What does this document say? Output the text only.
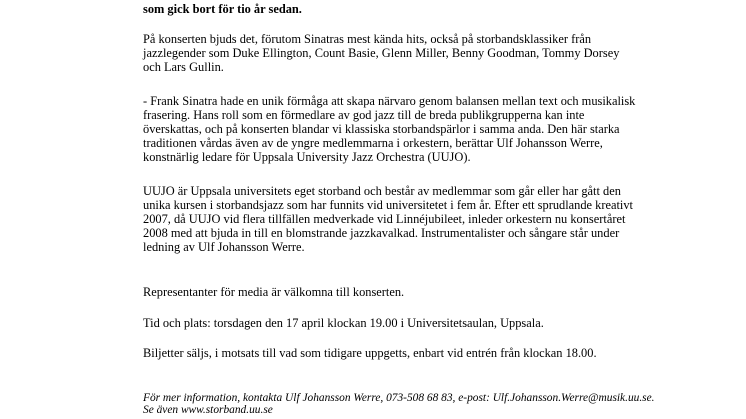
som gick bort för tio år sedan.

På konserten bjuds det, förutom Sinatras mest kända hits, också på storbandsklassiker från
jazzlegender som Duke Ellington, Count Basie, Glenn Miller, Benny Goodman, Tommy Dorsey
och Lars Gullin.

- Frank Sinatra hade en unik förmåga att skapa närvaro genom balansen mellan text och musikalisk
frasering. Hans roll som en förmedlare av god jazz till de breda publikgrupperna kan inte
överskattas, och på konserten blandar vi klassiska storbandspärlor i samma anda. Den här starka
traditionen vårdas även av de yngre medlemmarna i orkestern, berättar Ulf Johansson Werre,
konstnärlig ledare för Uppsala University Jazz Orchestra (UUJO).

UUJO är Uppsala universitets eget storband och består av medlemmar som går eller har gått den
unika kursen i storbandsjazz som har funnits vid universitetet i fem år. Efter ett sprudlande kreativt
2007, då UUJO vid flera tillfällen medverkade vid Linnéjubileet, inleder orkestern nu konsertåret
2008 med att bjuda in till en blomstrande jazzkavalkad. Instrumentalister och sångare står under
ledning av Ulf Johansson Werre.

Representanter för media är välkomna till konserten.

Tid och plats: torsdagen den 17 april klockan 19.00 i Universitetsaulan, Uppsala.

Biljetter säljs, i motsats till vad som tidigare uppgetts, enbart vid entrén från klockan 18.00.

För mer information, kontakta Ulf Johansson Werre, 073-508 68 83, e-post: Ulf.Johansson.Werre@musik.uu.se.
Se även www.storband.uu.se
